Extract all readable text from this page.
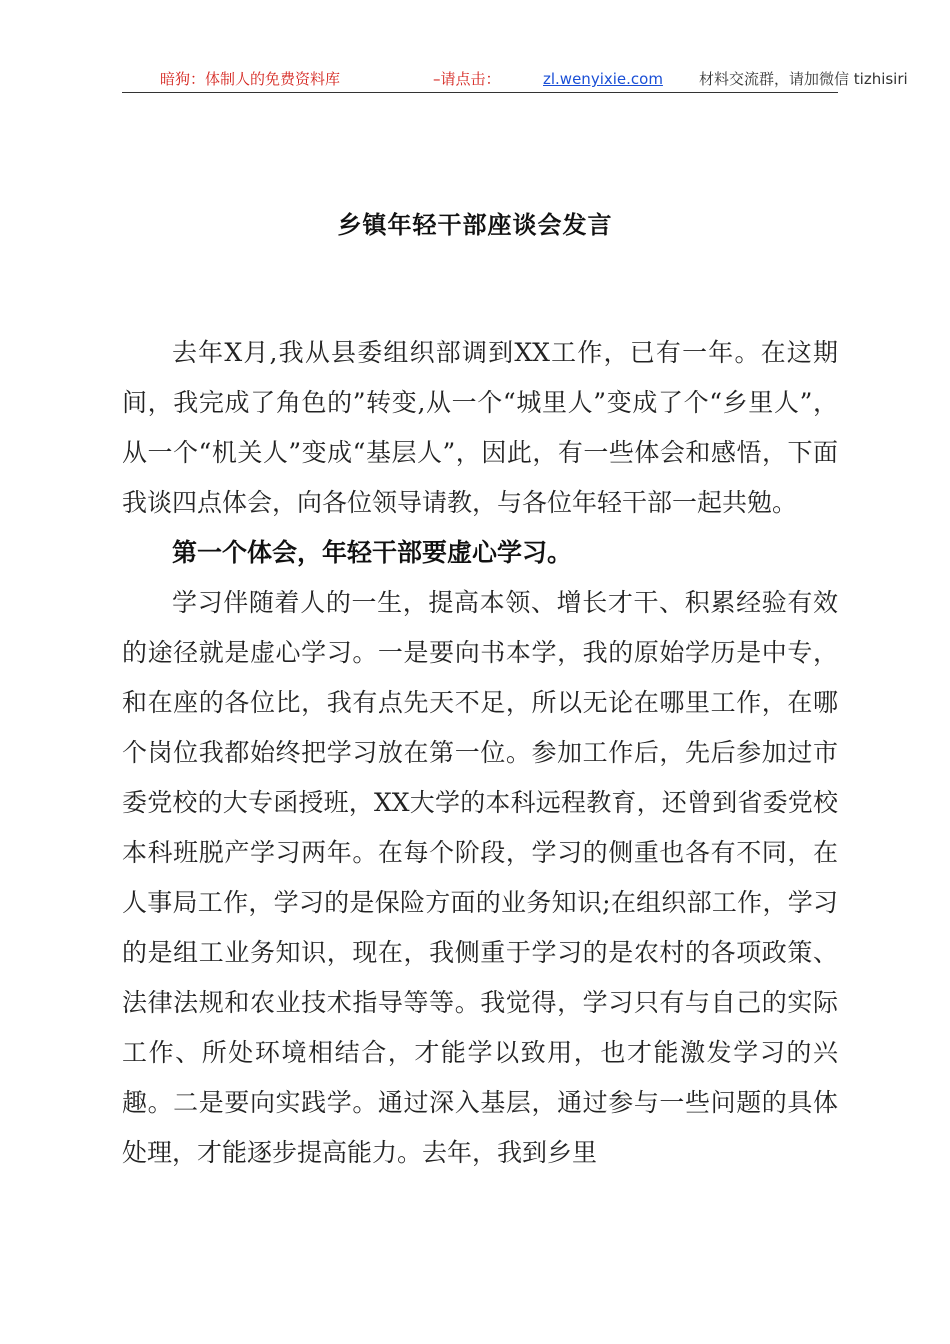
暗狗：体制人的免费资料库	–请点击：	zl.wenyixie.com 材料交流群，请加微信 tizhisiri
乡镇年轻干部座谈会发言

去年X月,我从县委组织部调到XX工作，已有一年。在这期间，我完成了角色的”转变,从一个“城里人”变成了个“乡里人”，从一个“机关人”变成“基层人”，因此，有一些体会和感悟，下面我谈四点体会，向各位领导请教，与各位年轻干部一起共勉。

第一个体会，年轻干部要虚心学习。

学习伴随着人的一生，提高本领、增长才干、积累经验有效的途径就是虚心学习。一是要向书本学，我的原始学历是中专，和在座的各位比，我有点先天不足，所以无论在哪里工作，在哪个岗位我都始终把学习放在第一位。参加工作后，先后参加过市委党校的大专函授班，XX大学的本科远程教育，还曾到省委党校本科班脱产学习两年。在每个阶段，学习的侧重也各有不同，在人事局工作，学习的是保险方面的业务知识;在组织部工作，学习的是组工业务知识，现在，我侧重于学习的是农村的各项政策、法律法规和农业技术指导等等。我觉得，学习只有与自己的实际工作、所处环境相结合，才能学以致用，也才能激发学习的兴趣。二是要向实践学。通过深入基层，通过参与一些问题的具体处理，才能逐步提高能力。去年，我到乡里
